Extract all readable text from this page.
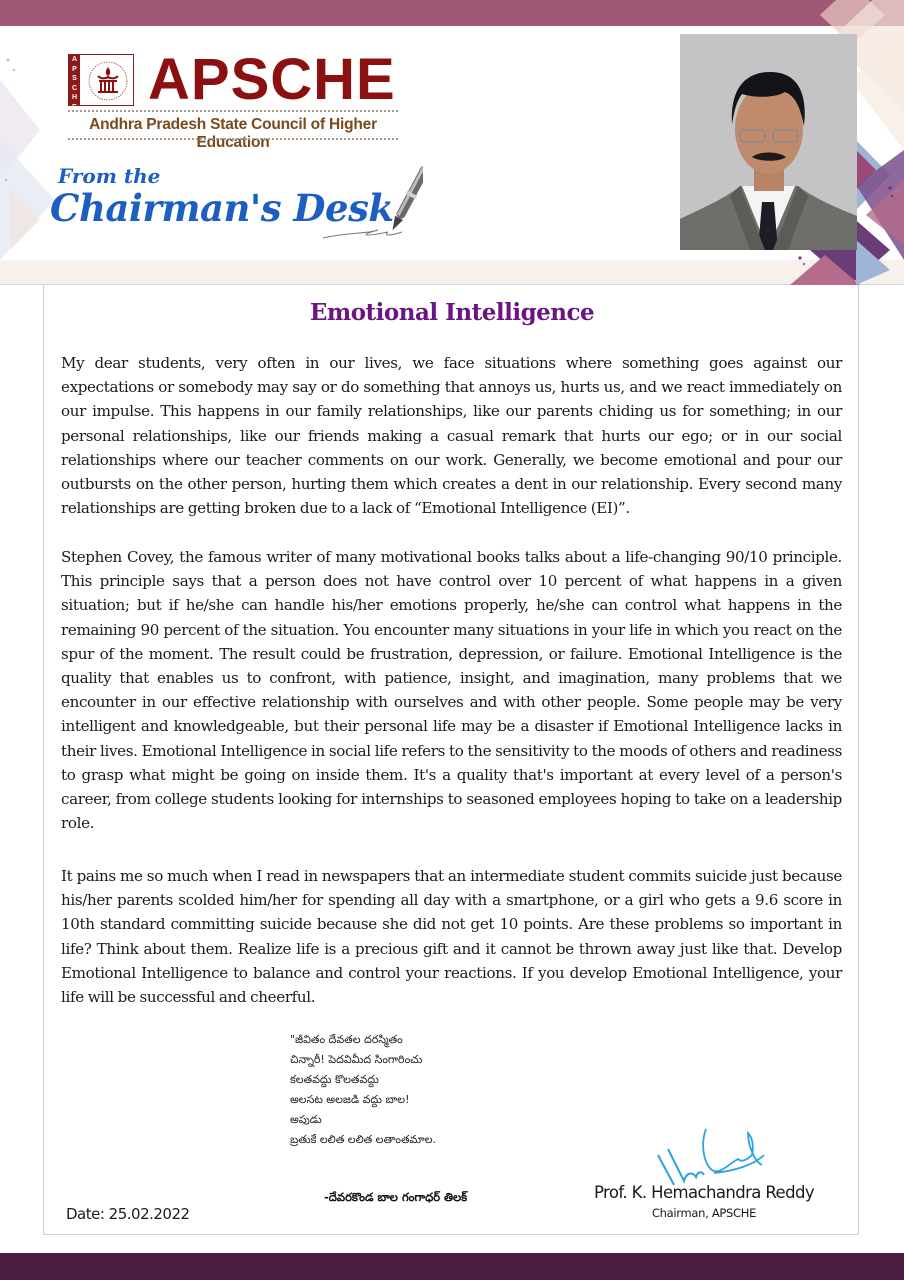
A
P
S
C
H
E APSCHE
Andhra Pradesh State Council of Higher Education
From the
Chairman's Desk
Emotional Intelligence

My dear students, very often in our lives, we face situations where something goes against our expectations or somebody may say or do something that annoys us, hurts us, and we react immediately on our impulse. This happens in our family relationships, like our parents chiding us for something; in our personal relationships, like our friends making a casual remark that hurts our ego; or in our social relationships where our teacher comments on our work. Generally, we become emotional and pour our outbursts on the other person, hurting them which creates a dent in our relationship. Every second many relationships are getting broken due to a lack of “Emotional Intelligence (EI)”.

Stephen Covey, the famous writer of many motivational books talks about a life-changing 90/10 principle. This principle says that a person does not have control over 10 percent of what happens in a given situation; but if he/she can handle his/her emotions properly, he/she can control what happens in the remaining 90 percent of the situation. You encounter many situations in your life in which you react on the spur of the moment. The result could be frustration, depression, or failure. Emotional Intelligence is the quality that enables us to confront, with patience, insight, and imagination, many problems that we encounter in our effective relationship with ourselves and with other people. Some people may be very intelligent and knowledgeable, but their personal life may be a disaster if Emotional Intelligence lacks in their lives. Emotional Intelligence in social life refers to the sensitivity to the moods of others and readiness to grasp what might be going on inside them. It's a quality that's important at every level of a person's career, from college students looking for internships to seasoned employees hoping to take on a leadership role.

It pains me so much when I read in newspapers that an intermediate student commits suicide just because his/her parents scolded him/her for spending all day with a smartphone, or a girl who gets a 9.6 score in 10th standard committing suicide because she did not get 10 points. Are these problems so important in life? Think about them. Realize life is a precious gift and it cannot be thrown away just like that. Develop Emotional Intelligence to balance and control your reactions. If you develop Emotional Intelligence, your life will be successful and cheerful.

"జీవితం దేవతల దరస్మితం
చిన్నారీ! పెదవిమీద సింగారించు
కలతవద్దు కొలతవద్దు
అలసట అలజడి వద్దు బాల!
అపుడు
బ్రతుకే లలిత లలిత లతాంతమాల.
-దేవరకొండ బాల గంగాధర్ తిలక్	Prof. K. Hemachandra Reddy
Chairman, APSCHE
Date: 25.02.2022
